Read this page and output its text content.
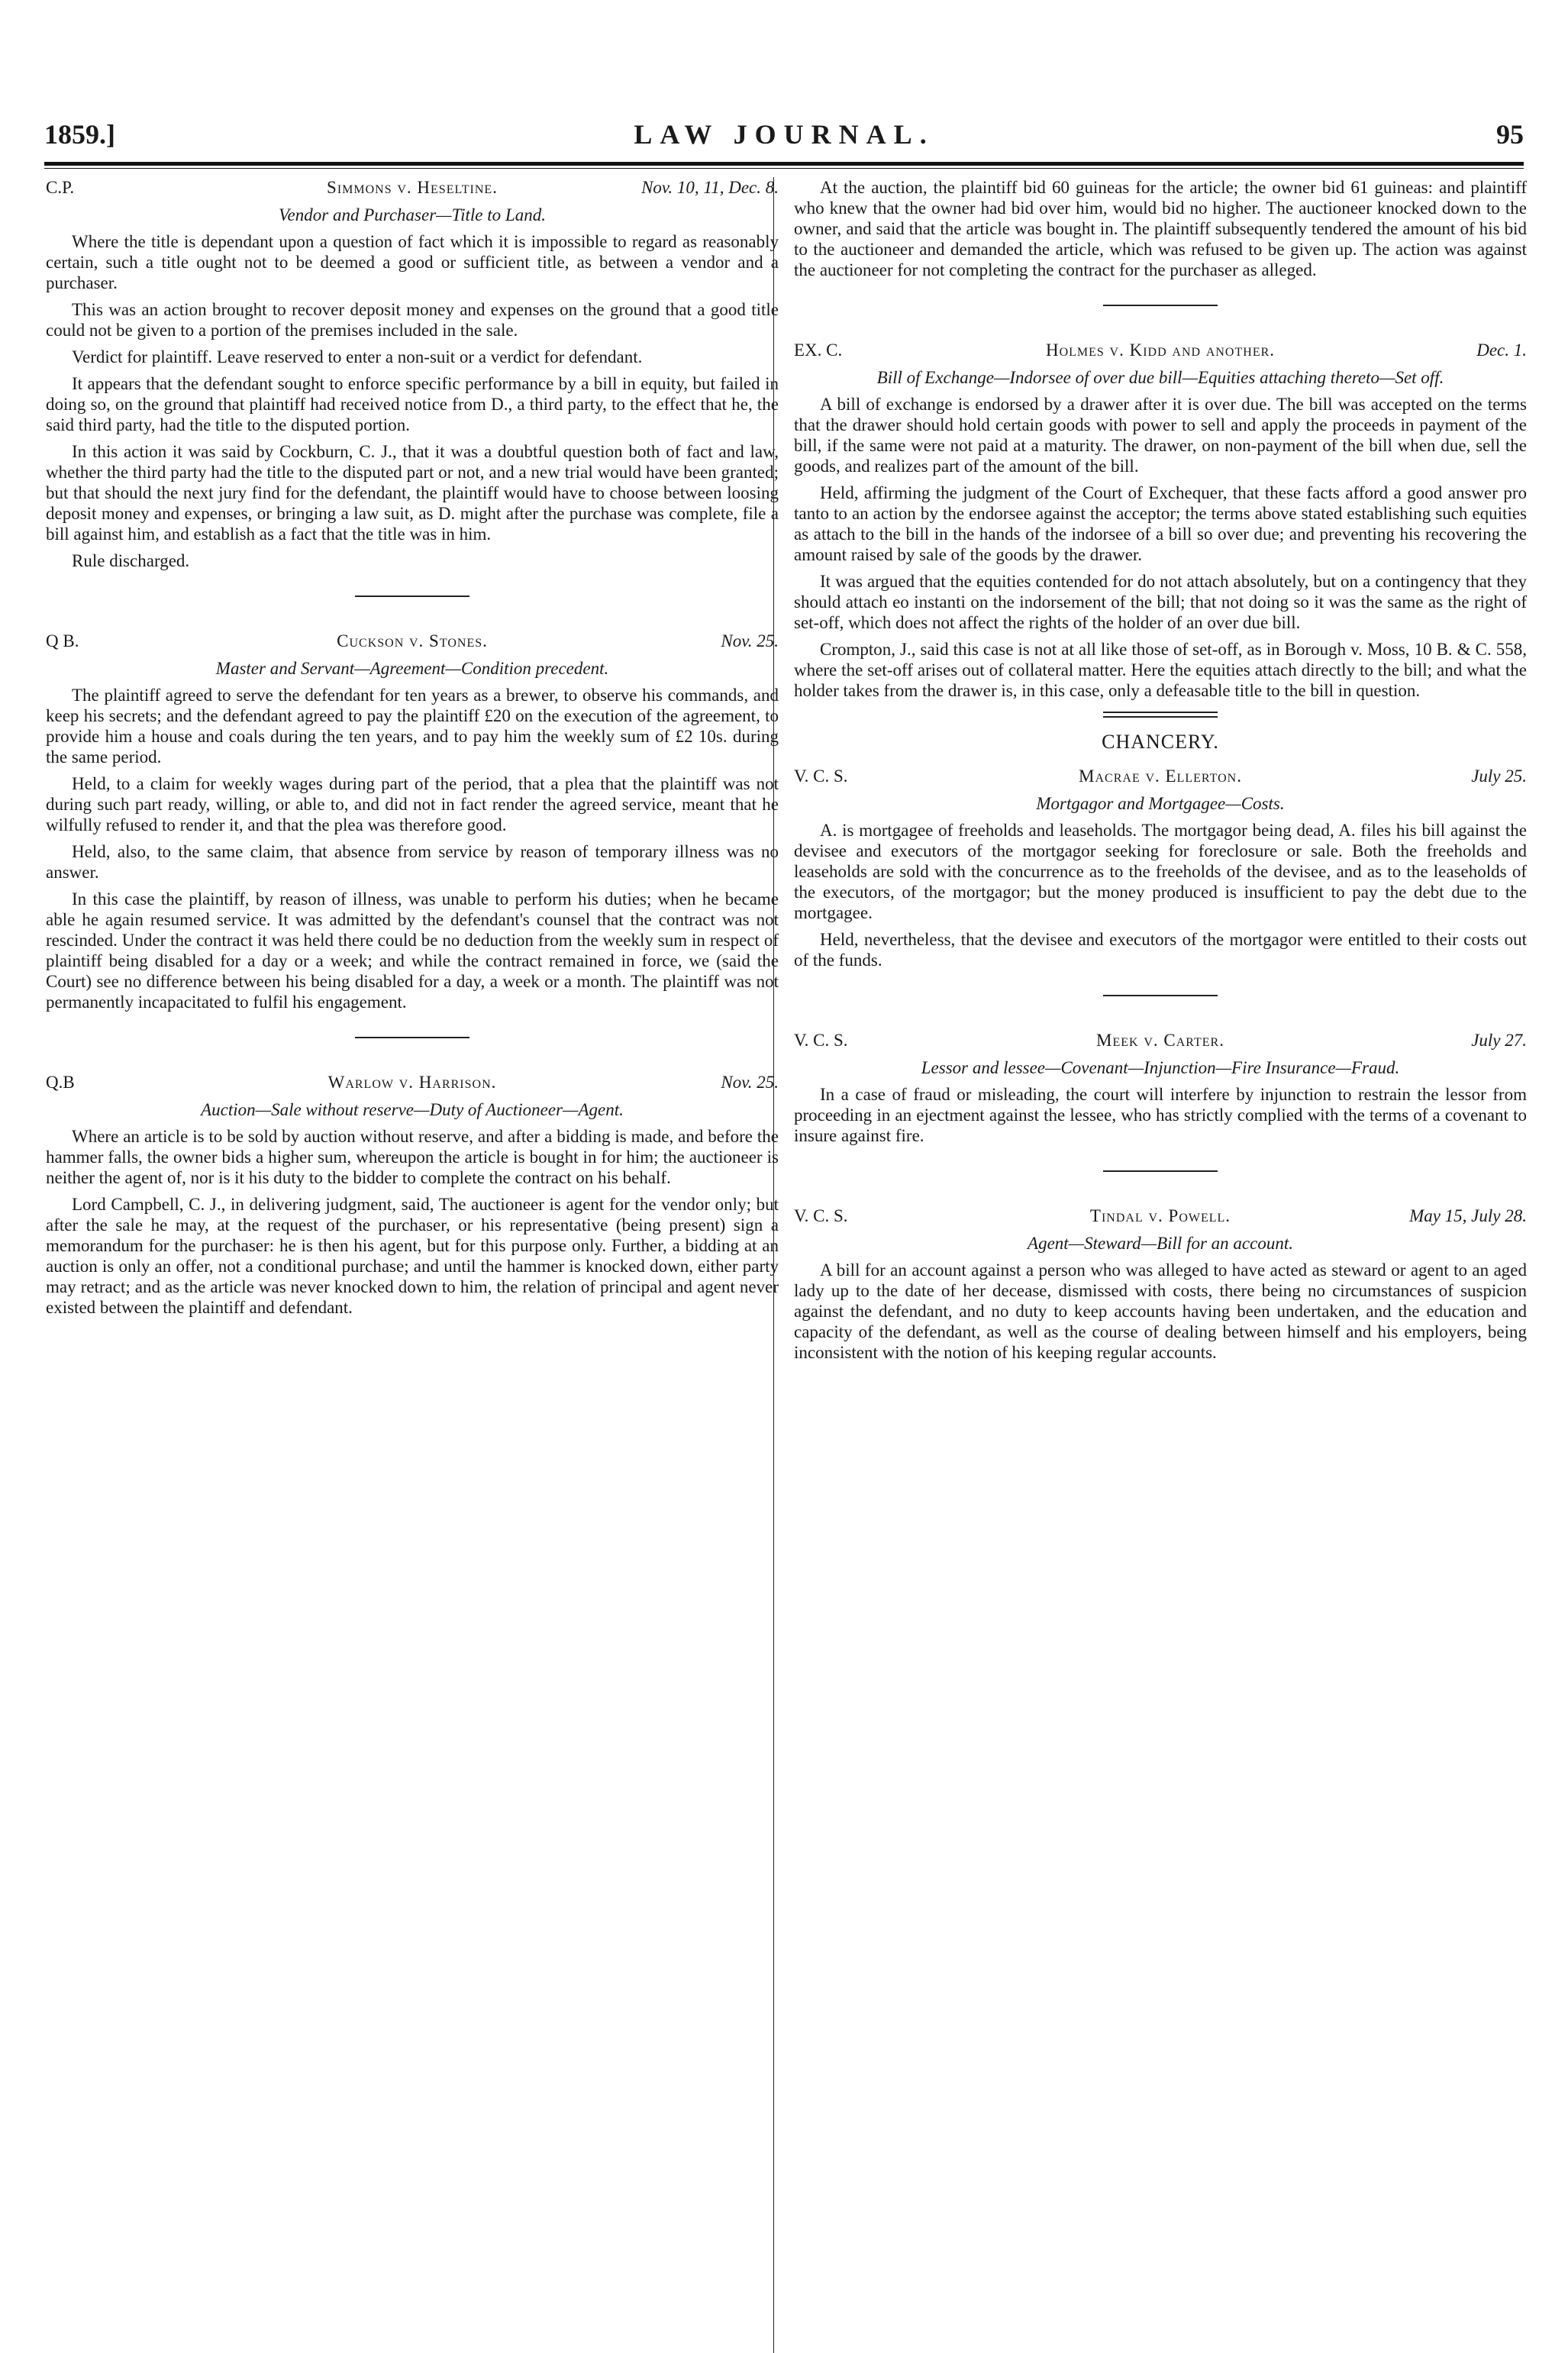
1859.]	LAW JOURNAL.	95
C.P.	Simmons v. Heseltine.	Nov. 10, 11, Dec. 8.
Vendor and Purchaser—Title to Land.

Where the title is dependant upon a question of fact which it is impossible to regard as reasonably certain, such a title ought not to be deemed a good or sufficient title, as between a vendor and a purchaser.

This was an action brought to recover deposit money and expenses on the ground that a good title could not be given to a portion of the premises included in the sale.

Verdict for plaintiff. Leave reserved to enter a non-suit or a verdict for defendant.

It appears that the defendant sought to enforce specific performance by a bill in equity, but failed in doing so, on the ground that plaintiff had received notice from D., a third party, to the effect that he, the said third party, had the title to the disputed portion.

In this action it was said by Cockburn, C. J., that it was a doubtful question both of fact and law, whether the third party had the title to the disputed part or not, and a new trial would have been granted; but that should the next jury find for the defendant, the plaintiff would have to choose between loosing deposit money and expenses, or bringing a law suit, as D. might after the purchase was complete, file a bill against him, and establish as a fact that the title was in him.

Rule discharged.

Q B.	Cuckson v. Stones.	Nov. 25.
Master and Servant—Agreement—Condition precedent.

The plaintiff agreed to serve the defendant for ten years as a brewer, to observe his commands, and keep his secrets; and the defendant agreed to pay the plaintiff £20 on the execution of the agreement, to provide him a house and coals during the ten years, and to pay him the weekly sum of £2 10s. during the same period.

Held, to a claim for weekly wages during part of the period, that a plea that the plaintiff was not during such part ready, willing, or able to, and did not in fact render the agreed service, meant that he wilfully refused to render it, and that the plea was therefore good.

Held, also, to the same claim, that absence from service by reason of temporary illness was no answer.

In this case the plaintiff, by reason of illness, was unable to perform his duties; when he became able he again resumed service. It was admitted by the defendant's counsel that the contract was not rescinded. Under the contract it was held there could be no deduction from the weekly sum in respect of plaintiff being disabled for a day or a week; and while the contract remained in force, we (said the Court) see no difference between his being disabled for a day, a week or a month. The plaintiff was not permanently incapacitated to fulfil his engagement.

Q.B	Warlow v. Harrison.	Nov. 25.
Auction—Sale without reserve—Duty of Auctioneer—Agent.

Where an article is to be sold by auction without reserve, and after a bidding is made, and before the hammer falls, the owner bids a higher sum, whereupon the article is bought in for him; the auctioneer is neither the agent of, nor is it his duty to the bidder to complete the contract on his behalf.

Lord Campbell, C. J., in delivering judgment, said, The auctioneer is agent for the vendor only; but after the sale he may, at the request of the purchaser, or his representative (being present) sign a memorandum for the purchaser: he is then his agent, but for this purpose only. Further, a bidding at an auction is only an offer, not a conditional purchase; and until the hammer is knocked down, either party may retract; and as the article was never knocked down to him, the relation of principal and agent never existed between the plaintiff and defendant.

At the auction, the plaintiff bid 60 guineas for the article; the owner bid 61 guineas: and plaintiff who knew that the owner had bid over him, would bid no higher. The auctioneer knocked down to the owner, and said that the article was bought in. The plaintiff subsequently tendered the amount of his bid to the auctioneer and demanded the article, which was refused to be given up. The action was against the auctioneer for not completing the contract for the purchaser as alleged.

EX. C.	Holmes v. Kidd and another.	Dec. 1.
Bill of Exchange—Indorsee of over due bill—Equities attaching thereto—Set off.

A bill of exchange is endorsed by a drawer after it is over due. The bill was accepted on the terms that the drawer should hold certain goods with power to sell and apply the proceeds in payment of the bill, if the same were not paid at a maturity. The drawer, on non-payment of the bill when due, sell the goods, and realizes part of the amount of the bill.

Held, affirming the judgment of the Court of Exchequer, that these facts afford a good answer pro tanto to an action by the endorsee against the acceptor; the terms above stated establishing such equities as attach to the bill in the hands of the indorsee of a bill so over due; and preventing his recovering the amount raised by sale of the goods by the drawer.

It was argued that the equities contended for do not attach absolutely, but on a contingency that they should attach eo instanti on the indorsement of the bill; that not doing so it was the same as the right of set-off, which does not affect the rights of the holder of an over due bill.

Crompton, J., said this case is not at all like those of set-off, as in Borough v. Moss, 10 B. & C. 558, where the set-off arises out of collateral matter. Here the equities attach directly to the bill; and what the holder takes from the drawer is, in this case, only a defeasable title to the bill in question.

CHANCERY.
V. C. S.	Macrae v. Ellerton.	July 25.
Mortgagor and Mortgagee—Costs.

A. is mortgagee of freeholds and leaseholds. The mortgagor being dead, A. files his bill against the devisee and executors of the mortgagor seeking for foreclosure or sale. Both the freeholds and leaseholds are sold with the concurrence as to the freeholds of the devisee, and as to the leaseholds of the executors, of the mortgagor; but the money produced is insufficient to pay the debt due to the mortgagee.

Held, nevertheless, that the devisee and executors of the mortgagor were entitled to their costs out of the funds.

V. C. S.	Meek v. Carter.	July 27.
Lessor and lessee—Covenant—Injunction—Fire Insurance—Fraud.

In a case of fraud or misleading, the court will interfere by injunction to restrain the lessor from proceeding in an ejectment against the lessee, who has strictly complied with the terms of a covenant to insure against fire.

V. C. S.	Tindal v. Powell.	May 15, July 28.
Agent—Steward—Bill for an account.

A bill for an account against a person who was alleged to have acted as steward or agent to an aged lady up to the date of her decease, dismissed with costs, there being no circumstances of suspicion against the defendant, and no duty to keep accounts having been undertaken, and the education and capacity of the defendant, as well as the course of dealing between himself and his employers, being inconsistent with the notion of his keeping regular accounts.
